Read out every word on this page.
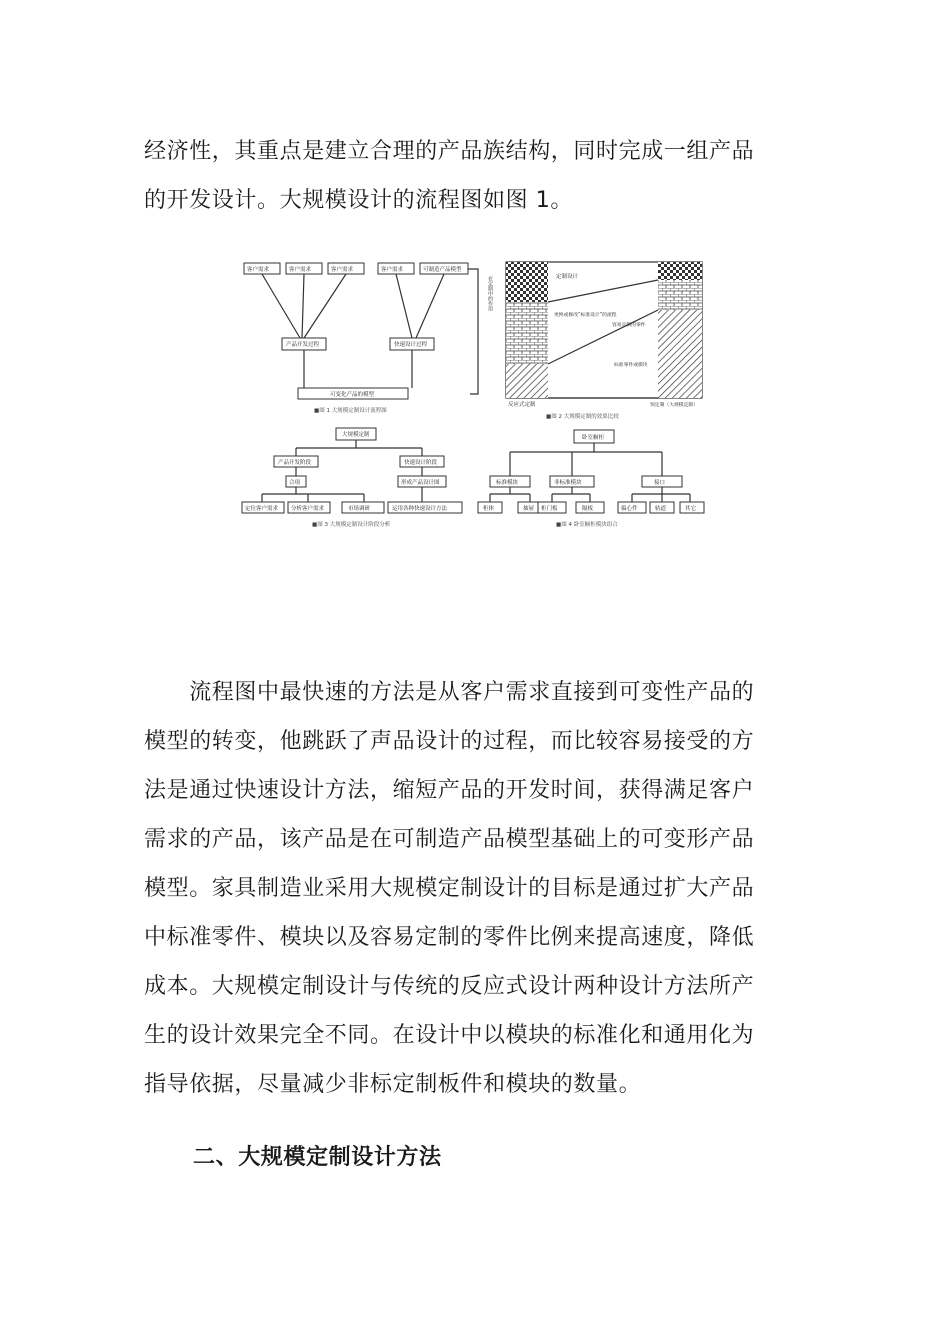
经济性，其重点是建立合理的产品族结构，同时完成一组产品
的开发设计。大规模设计的流程图如图 1。
客户需求	客户需求	客户需求	客户需求	可制造产品模型
产品开发过程	快速设计过程
可变化产品的模型
■图 1 大规模定制设计流程图
在定制中的作用	定制设计
更换或修改“标准设计”的流程
容易定制的零件
标准零件或模块
反应式定制	预定制（大规模定制）
■图 2 大规模定制的效果比较
大规模定制
产品开发阶段	快速设计阶段
合项	形成产品设计图
定位客户需求 分析客户需求	市场调研	运用各种快速设计方法
■图 3 大规模定制设计阶段分析
卧室橱柜
标准模块	非标准模块	接口
柜体	抽屉 柜门板	隔板	偏心件	轨道	其它
■图 4 卧室橱柜模块组合
　　流程图中最快速的方法是从客户需求直接到可变性产品的
模型的转变，他跳跃了声品设计的过程，而比较容易接受的方
法是通过快速设计方法，缩短产品的开发时间，获得满足客户
需求的产品，该产品是在可制造产品模型基础上的可变形产品
模型。家具制造业采用大规模定制设计的目标是通过扩大产品
中标准零件、模块以及容易定制的零件比例来提高速度，降低
成本。大规模定制设计与传统的反应式设计两种设计方法所产
生的设计效果完全不同。在设计中以模块的标准化和通用化为
指导依据，尽量减少非标定制板件和模块的数量。
二、大规模定制设计方法
